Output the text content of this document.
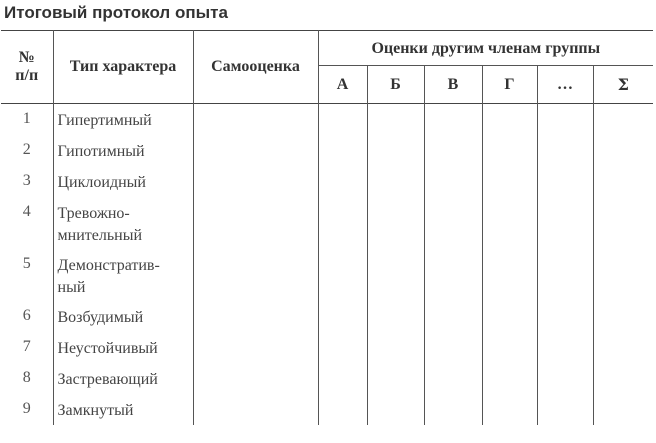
Итоговый протокол опыта
№
п/п	Тип характера	Самооценка	Оценки другим членам группы					
			А	Б	В	Г	…	Σ
1	Гипертимный							

2	Гипотимный							

3	Циклоидный							

4	Тревожно-
мнительный							

5	Демонстратив-
ный							

6	Возбудимый							

7	Неустойчивый							

8	Застревающий							

9	Замкнутый							
